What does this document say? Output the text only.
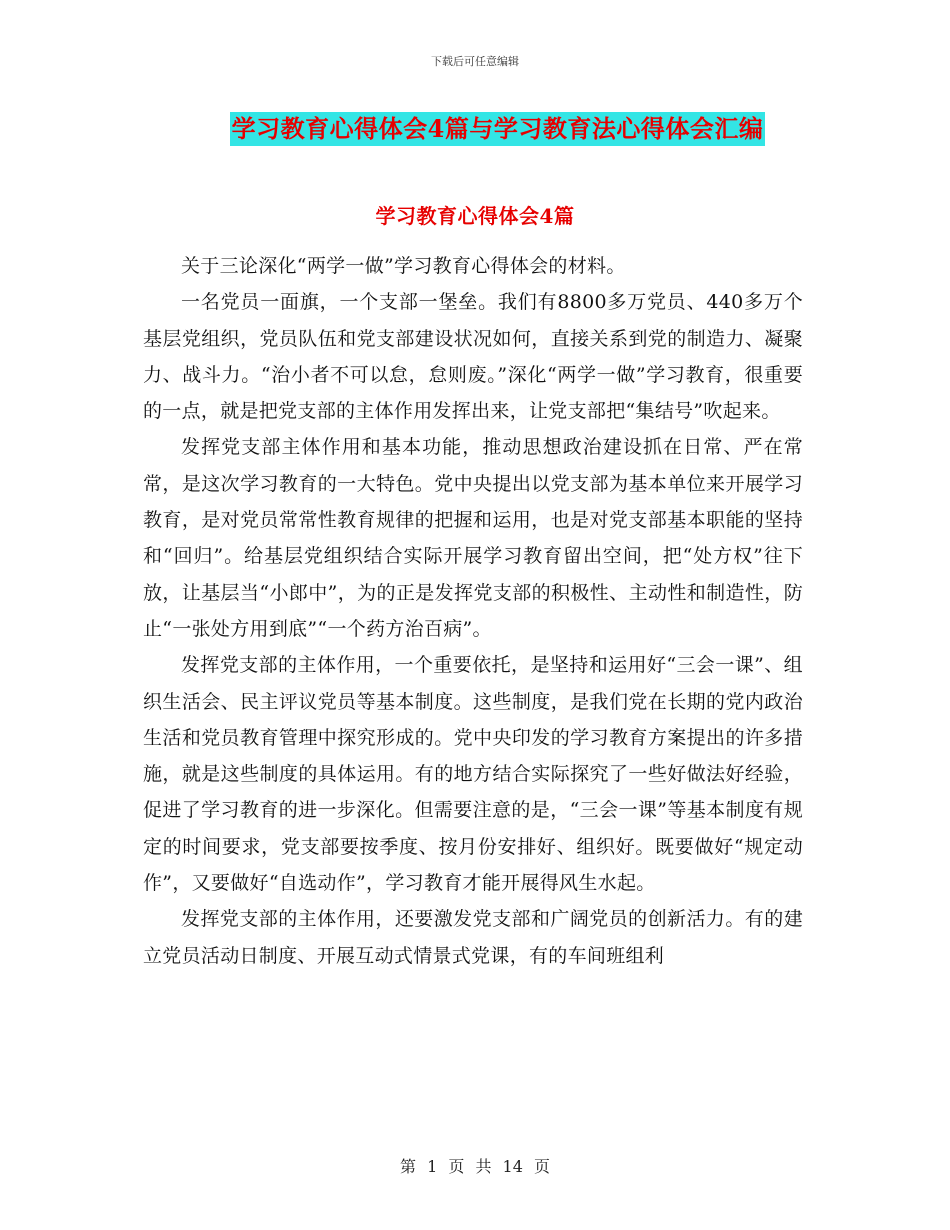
下载后可任意编辑
学习教育心得体会4篇与学习教育法心得体会汇编
学习教育心得体会4篇

关于三论深化“两学一做”学习教育心得体会的材料。

一名党员一面旗，一个支部一堡垒。我们有8800多万党员、440多万个基层党组织，党员队伍和党支部建设状况如何，直接关系到党的制造力、凝聚力、战斗力。“治小者不可以怠，怠则废。”深化“两学一做”学习教育，很重要的一点，就是把党支部的主体作用发挥出来，让党支部把“集结号”吹起来。

发挥党支部主体作用和基本功能，推动思想政治建设抓在日常、严在常常，是这次学习教育的一大特色。党中央提出以党支部为基本单位来开展学习教育，是对党员常常性教育规律的把握和运用，也是对党支部基本职能的坚持和“回归”。给基层党组织结合实际开展学习教育留出空间，把“处方权”往下放，让基层当“小郎中”，为的正是发挥党支部的积极性、主动性和制造性，防止“一张处方用到底”“一个药方治百病”。

发挥党支部的主体作用，一个重要依托，是坚持和运用好“三会一课”、组织生活会、民主评议党员等基本制度。这些制度，是我们党在长期的党内政治生活和党员教育管理中探究形成的。党中央印发的学习教育方案提出的许多措施，就是这些制度的具体运用。有的地方结合实际探究了一些好做法好经验，促进了学习教育的进一步深化。但需要注意的是，“三会一课”等基本制度有规定的时间要求，党支部要按季度、按月份安排好、组织好。既要做好“规定动作”，又要做好“自选动作”，学习教育才能开展得风生水起。

发挥党支部的主体作用，还要激发党支部和广阔党员的创新活力。有的建立党员活动日制度、开展互动式情景式党课，有的车间班组利

第 1 页 共 14 页
